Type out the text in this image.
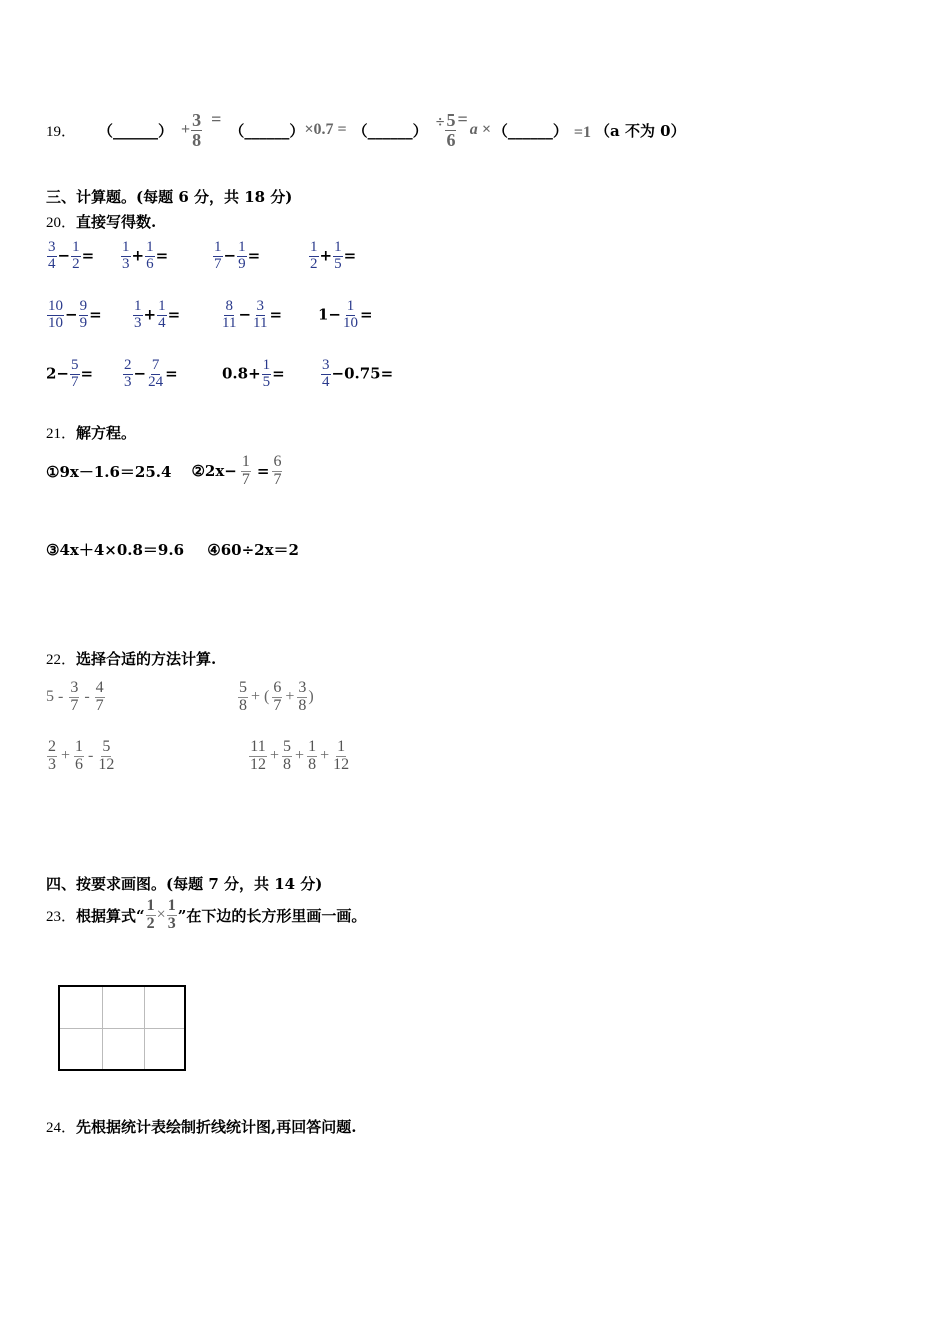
19． （______） + $\frac{3}{8}$ =
（______） ×0.7 = （______） ÷ $\frac{5}{6}$ =
a × （______） =1 （a 不为 0）
三、计算题。(每题 6 分，共 18 分)
20．直接写得数.
$\frac{3}{4} - \frac{1}{2} = \frac{1}{3} + \frac{1}{6}$ =	$\frac{1}{7} - \frac{1}{9}$ =	$\frac{1}{2} + \frac{1}{5}$ =
$\frac{10}{10} - \frac{9}{9} = \frac{1}{3} + \frac{1}{4}$ =	$\frac{8}{11} - \frac{3}{11} = 1- \frac{1}{10}$ =
$2- \frac{5}{7} = \frac{2}{3} - \frac{7}{24}$ =	$0.8+ \frac{1}{5} = \frac{3}{4} -0.75=$
21．解方程。
①9x－1.6＝25.4 ②2x− $\frac{1}{7} = \frac{6}{7}$
③4x＋4×0.8＝9.6 ④60÷2x＝2
22．选择合适的方法计算.
$5 - \frac{3}{7} - \frac{4}{7}$	$\frac{5}{8}$ + ( $\frac{6}{7} + \frac{3}{8}$ )
$\frac{2}{3} + \frac{1}{6} - \frac{5}{12}$	$\frac{11}{12} + \frac{5}{8} + \frac{1}{8} + \frac{1}{12}$
四、按要求画图。(每题 7 分，共 14 分)
23． 根据算式“ $\frac{1}{2} \times \frac{1}{3}$ ”在下边的长方形里画一画。
24．先根据统计表绘制折线统计图,再回答问题.
